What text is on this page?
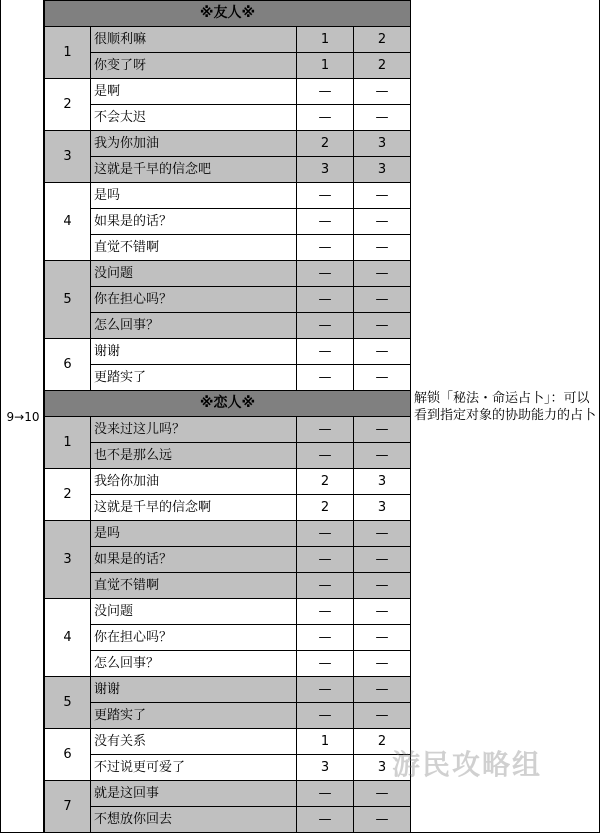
9→10
※友人※			
1	很顺利嘛	1	2
	你变了呀	1	2
2	是啊	—	—
	不会太迟	—	—
3	我为你加油	2	3
	这就是千早的信念吧	3	3
4	是吗	—	—
	如果是的话？	—	—
	直觉不错啊	—	—
5	没问题	—	—
	你在担心吗？	—	—
	怎么回事？	—	—
6	谢谢	—	—
	更踏实了	—	—
※恋人※			
1	没来过这儿吗？	—	—
	也不是那么远	—	—
2	我给你加油	2	3
	这就是千早的信念啊	2	3
3	是吗	—	—
	如果是的话？	—	—
	直觉不错啊	—	—
4	没问题	—	—
	你在担心吗？	—	—
	怎么回事？	—	—
5	谢谢	—	—
	更踏实了	—	—
6	没有关系	1	2
	不过说更可爱了	3	3
7	就是这回事	—	—
	不想放你回去	—	—
解锁「秘法・命运占卜」：可以看到指定对象的协助能力的占卜
游民攻略组
